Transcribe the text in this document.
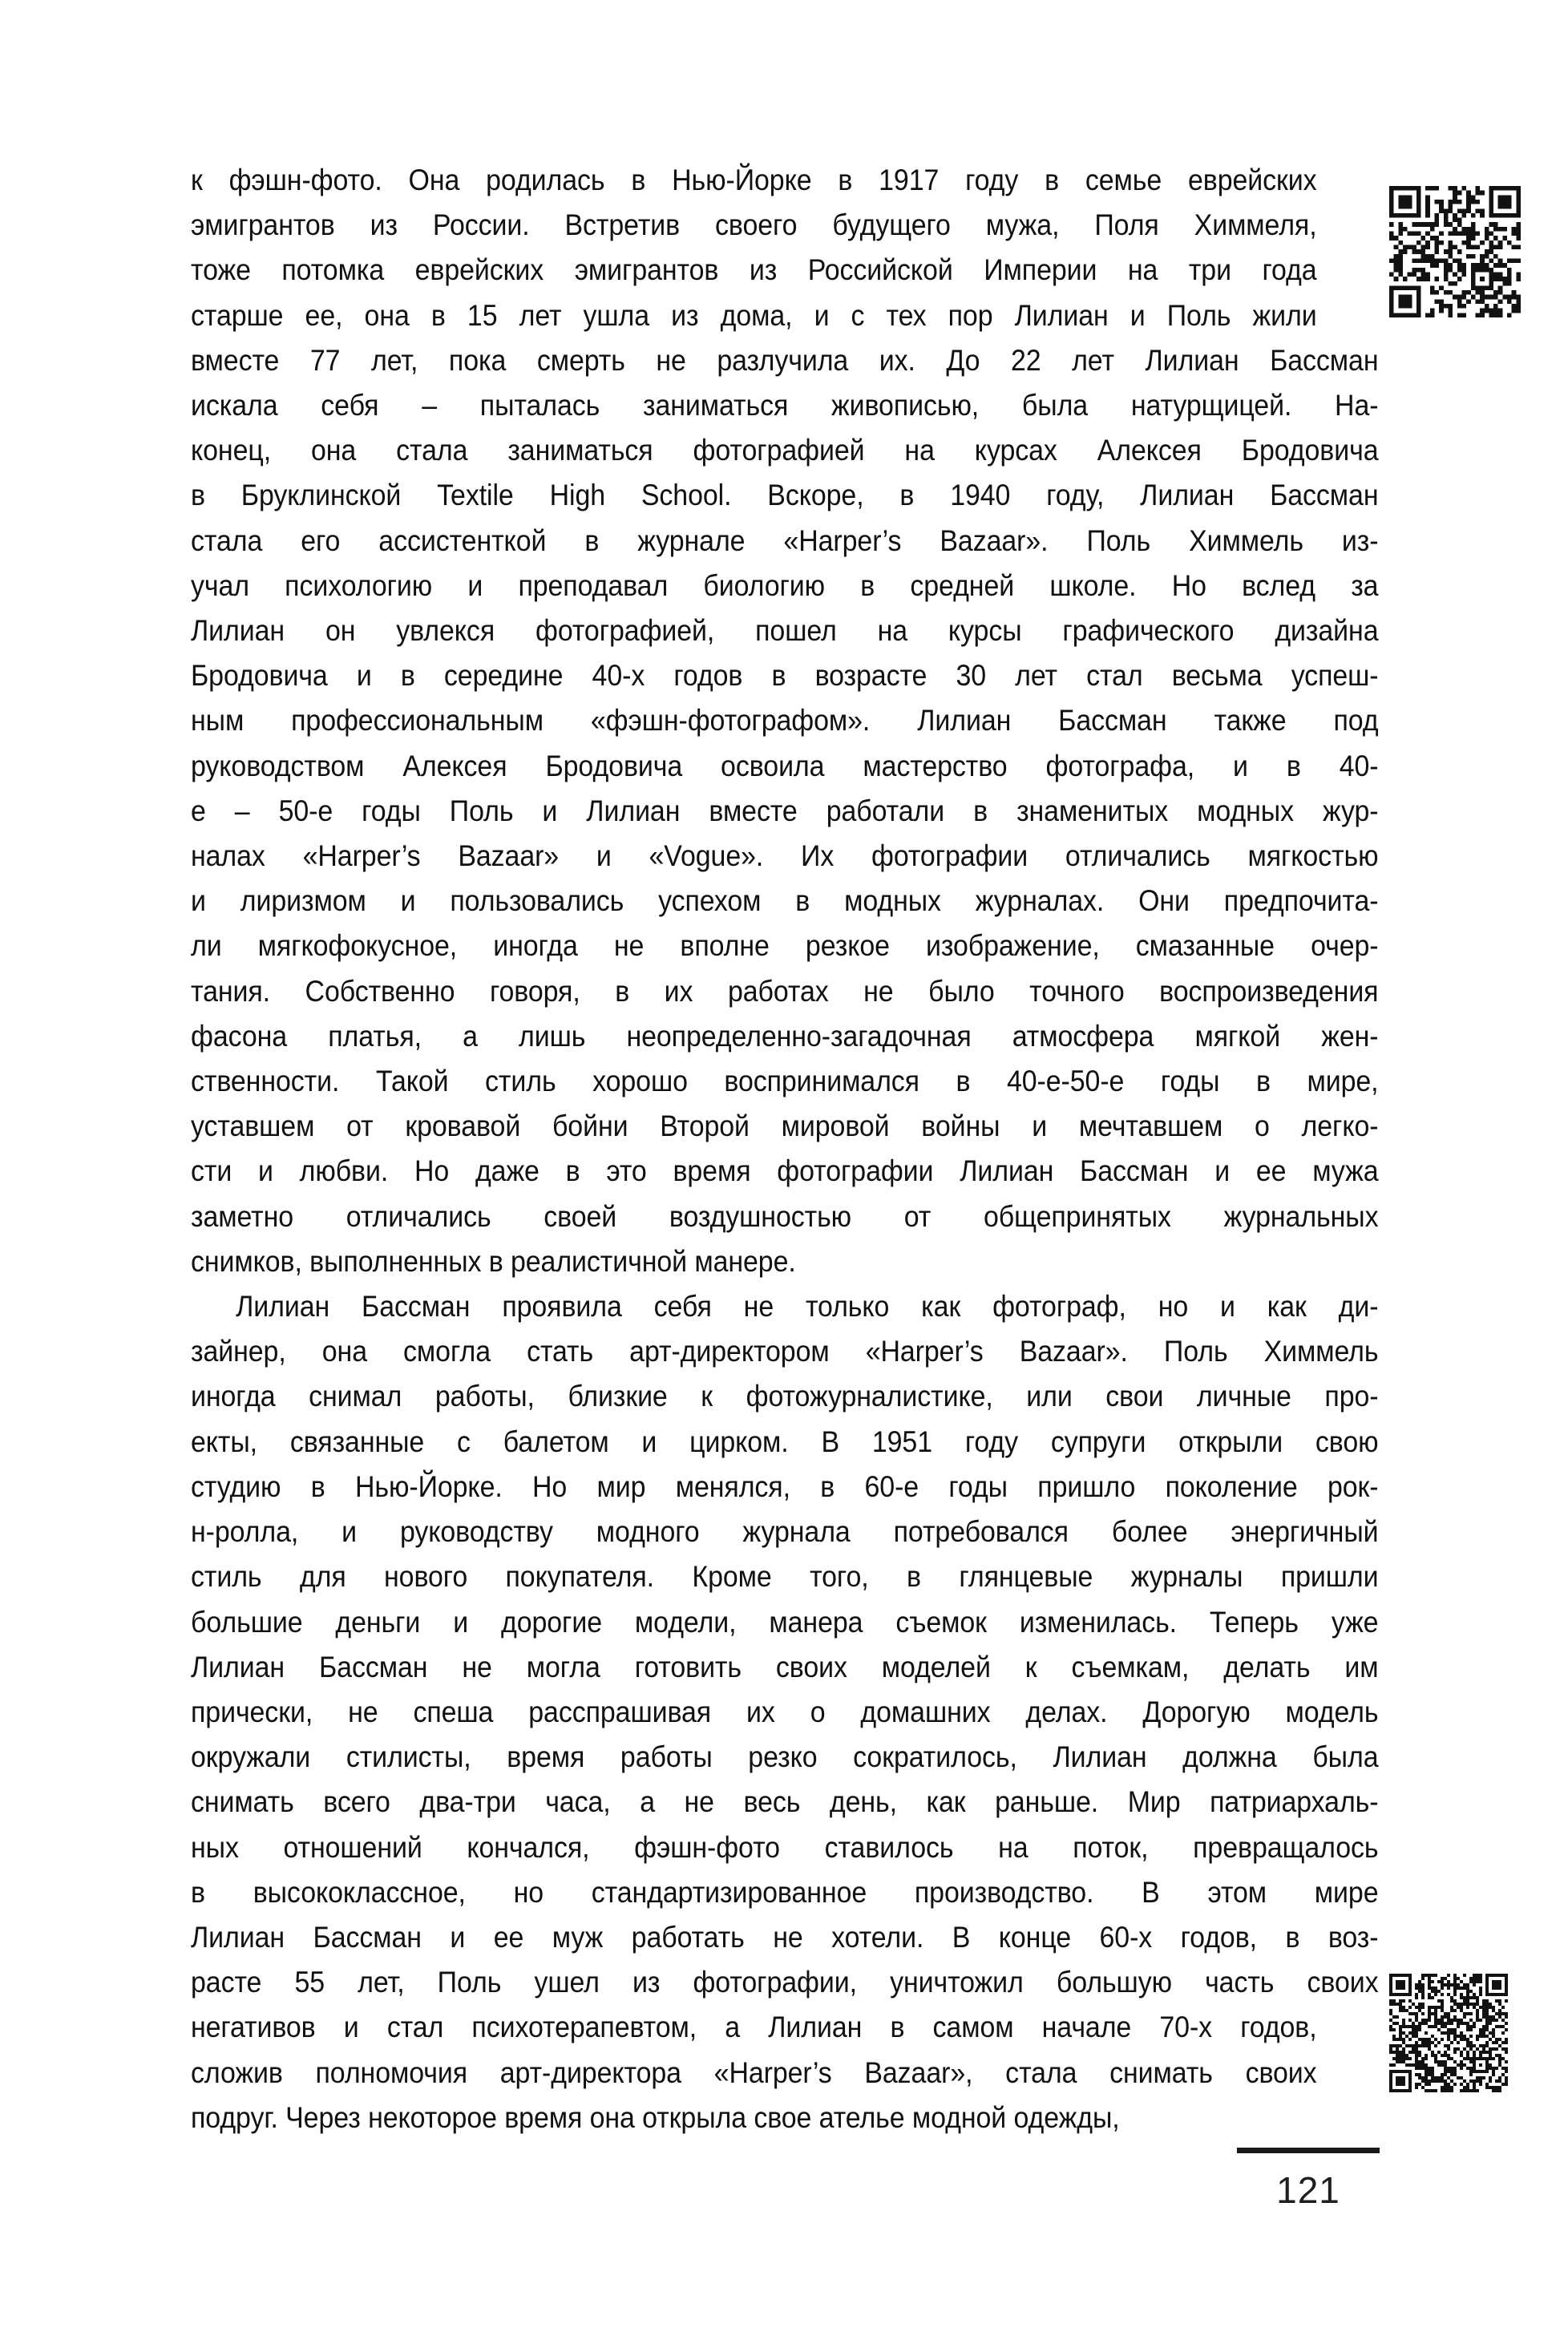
к фэшн-фото. Она родилась в Нью-Йорке в 1917 году в семье еврейских
эмигрантов из России. Встретив своего будущего мужа, Поля Химмеля,
тоже потомка еврейских эмигрантов из Российской Империи на три года
старше ее, она в 15 лет ушла из дома, и с тех пор Лилиан и Поль жили
вместе 77 лет, пока смерть не разлучила их. До 22 лет Лилиан Бассман
искала себя – пыталась заниматься живописью, была натурщицей. На-
конец, она стала заниматься фотографией на курсах Алексея Бродовича
в Бруклинской Textile High School. Вскоре, в 1940 году, Лилиан Бассман
стала его ассистенткой в журнале «Harper’s Bazaar». Поль Химмель из-
учал психологию и преподавал биологию в средней школе. Но вслед за
Лилиан он увлекся фотографией, пошел на курсы графического дизайна
Бродовича и в середине 40-х годов в возрасте 30 лет стал весьма успеш-
ным профессиональным «фэшн-фотографом». Лилиан Бассман также под
руководством Алексея Бродовича освоила мастерство фотографа, и в 40-
е – 50-е годы Поль и Лилиан вместе работали в знаменитых модных жур-
налах «Harper’s Bazaar» и «Vogue». Их фотографии отличались мягкостью
и лиризмом и пользовались успехом в модных журналах. Они предпочита-
ли мягкофокусное, иногда не вполне резкое изображение, смазанные очер-
тания. Собственно говоря, в их работах не было точного воспроизведения
фасона платья, а лишь неопределенно-загадочная атмосфера мягкой жен-
ственности. Такой стиль хорошо воспринимался в 40-е-50-е годы в мире,
уставшем от кровавой бойни Второй мировой войны и мечтавшем о легко-
сти и любви. Но даже в это время фотографии Лилиан Бассман и ее мужа
заметно отличались своей воздушностью от общепринятых журнальных
снимков, выполненных в реалистичной манере.

Лилиан Бассман проявила себя не только как фотограф, но и как ди-
зайнер, она смогла стать арт-директором «Harper’s Bazaar». Поль Химмель
иногда снимал работы, близкие к фотожурналистике, или свои личные про-
екты, связанные с балетом и цирком. В 1951 году супруги открыли свою
студию в Нью-Йорке. Но мир менялся, в 60-е годы пришло поколение рок-
н-ролла, и руководству модного журнала потребовался более энергичный
стиль для нового покупателя. Кроме того, в глянцевые журналы пришли
большие деньги и дорогие модели, манера съемок изменилась. Теперь уже
Лилиан Бассман не могла готовить своих моделей к съемкам, делать им
прически, не спеша расспрашивая их о домашних делах. Дорогую модель
окружали стилисты, время работы резко сократилось, Лилиан должна была
снимать всего два-три часа, а не весь день, как раньше. Мир патриархаль-
ных отношений кончался, фэшн-фото ставилось на поток, превращалось
в высококлассное, но стандартизированное производство. В этом мире
Лилиан Бассман и ее муж работать не хотели. В конце 60-х годов, в воз-
расте 55 лет, Поль ушел из фотографии, уничтожил большую часть своих
негативов и стал психотерапевтом, а Лилиан в самом начале 70-х годов,
сложив полномочия арт-директора «Harper’s Bazaar», стала снимать своих
подруг. Через некоторое время она открыла свое ателье модной одежды,

121
